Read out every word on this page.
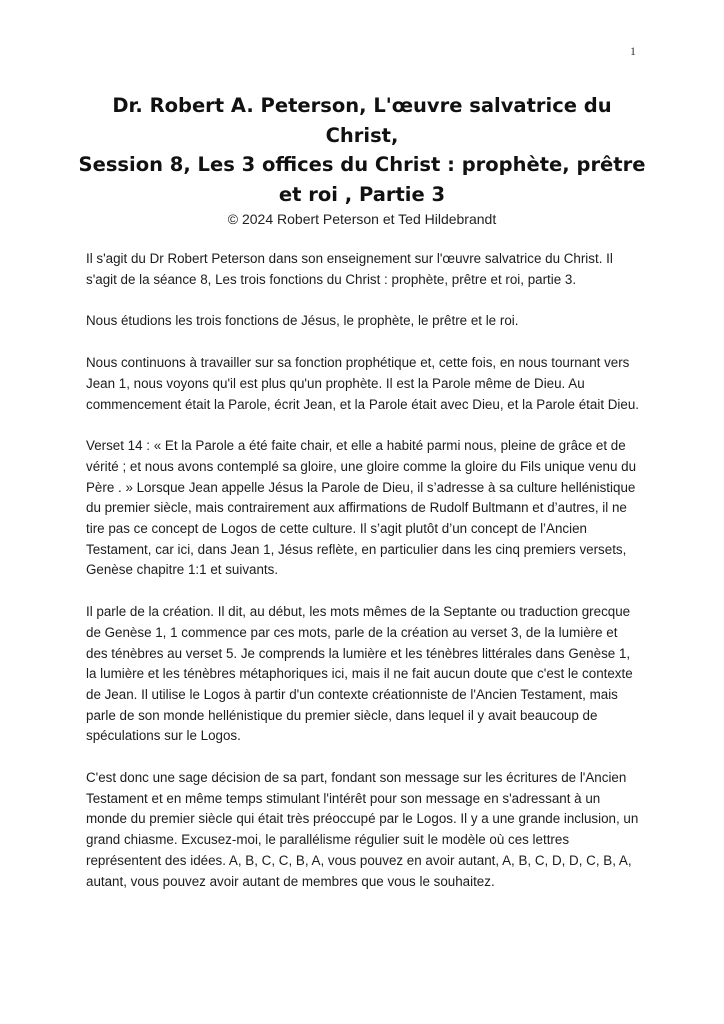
1
Dr. Robert A. Peterson, L'œuvre salvatrice du
Christ,
Session 8, Les 3 offices du Christ : prophète, prêtre
et roi , Partie 3

© 2024 Robert Peterson et Ted Hildebrandt

Il s'agit du Dr Robert Peterson dans son enseignement sur l'œuvre salvatrice du Christ. Il s'agit de la séance 8, Les trois fonctions du Christ : prophète, prêtre et roi, partie 3.

Nous étudions les trois fonctions de Jésus, le prophète, le prêtre et le roi.

Nous continuons à travailler sur sa fonction prophétique et, cette fois, en nous tournant vers Jean 1, nous voyons qu'il est plus qu'un prophète. Il est la Parole même de Dieu. Au commencement était la Parole, écrit Jean, et la Parole était avec Dieu, et la Parole était Dieu.

Verset 14 : « Et la Parole a été faite chair, et elle a habité parmi nous, pleine de grâce et de vérité ; et nous avons contemplé sa gloire, une gloire comme la gloire du Fils unique venu du Père . » Lorsque Jean appelle Jésus la Parole de Dieu, il s’adresse à sa culture hellénistique du premier siècle, mais contrairement aux affirmations de Rudolf Bultmann et d’autres, il ne tire pas ce concept de Logos de cette culture. Il s’agit plutôt d’un concept de l’Ancien Testament, car ici, dans Jean 1, Jésus reflète, en particulier dans les cinq premiers versets, Genèse chapitre 1:1 et suivants.

Il parle de la création. Il dit, au début, les mots mêmes de la Septante ou traduction grecque de Genèse 1, 1 commence par ces mots, parle de la création au verset 3, de la lumière et des ténèbres au verset 5. Je comprends la lumière et les ténèbres littérales dans Genèse 1, la lumière et les ténèbres métaphoriques ici, mais il ne fait aucun doute que c'est le contexte de Jean. Il utilise le Logos à partir d'un contexte créationniste de l'Ancien Testament, mais parle de son monde hellénistique du premier siècle, dans lequel il y avait beaucoup de spéculations sur le Logos.

C'est donc une sage décision de sa part, fondant son message sur les écritures de l'Ancien Testament et en même temps stimulant l'intérêt pour son message en s'adressant à un monde du premier siècle qui était très préoccupé par le Logos. Il y a une grande inclusion, un grand chiasme. Excusez-moi, le parallélisme régulier suit le modèle où ces lettres représentent des idées. A, B, C, C, B, A, vous pouvez en avoir autant, A, B, C, D, D, C, B, A, autant, vous pouvez avoir autant de membres que vous le souhaitez.
